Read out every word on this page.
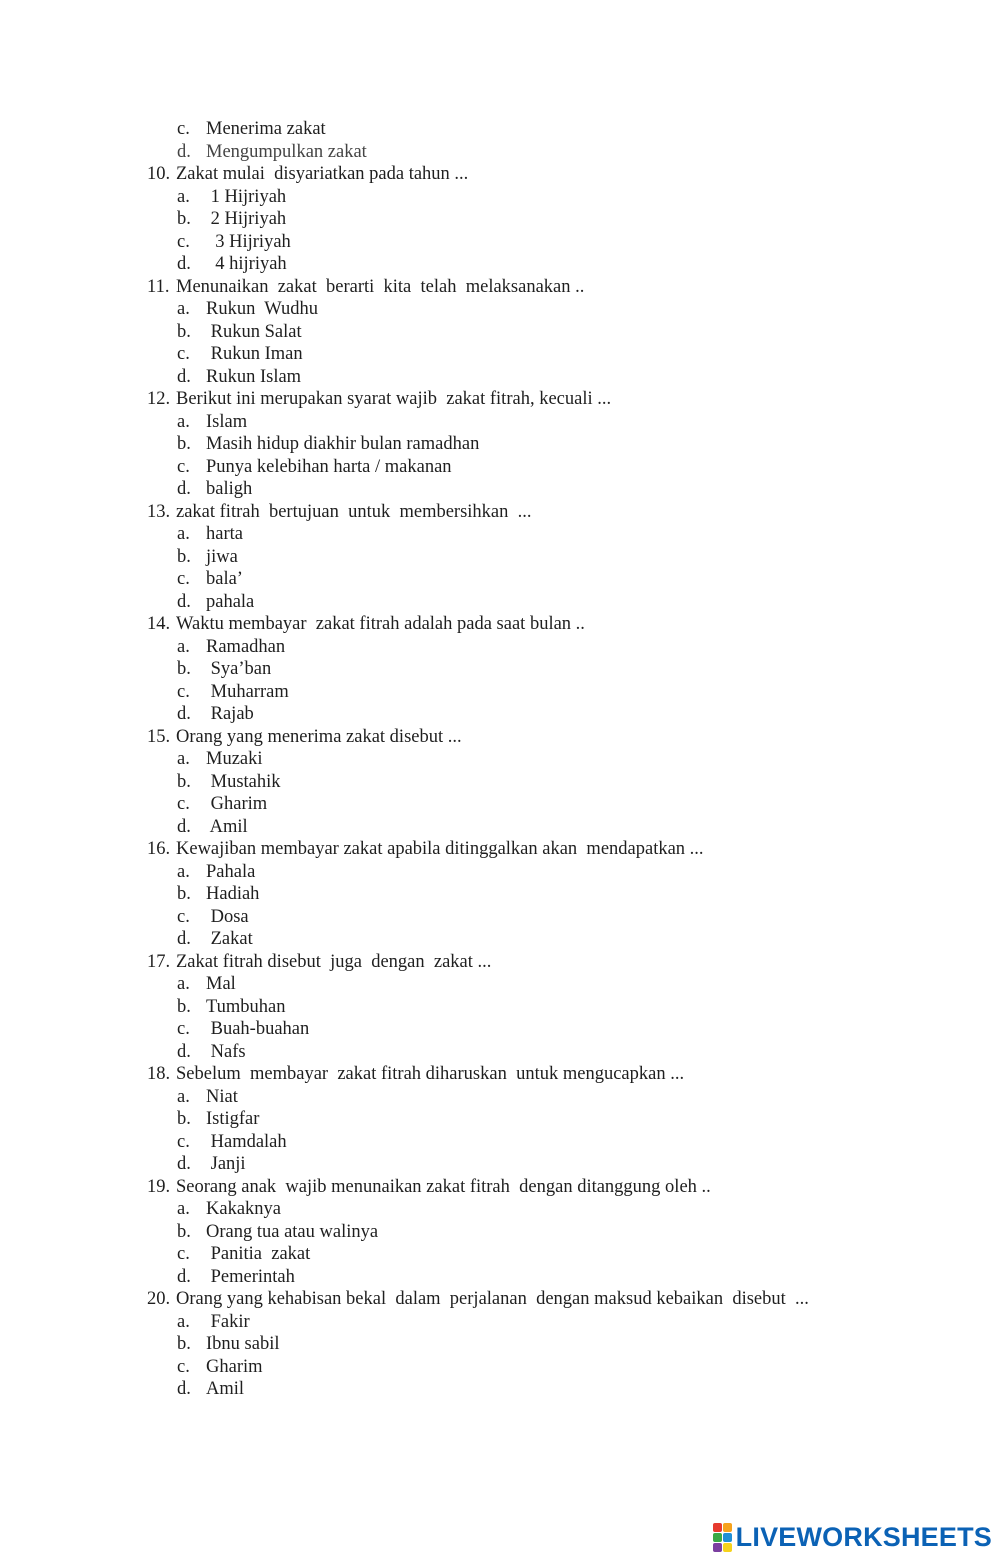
c. Menerima zakat
d. Mengumpulkan zakat
10. Zakat mulai  disyariatkan pada tahun ...
a. 1 Hijriyah
b. 2 Hijriyah
c. 3 Hijriyah
d. 4 hijriyah
11. Menunaikan  zakat  berarti  kita  telah  melaksanakan ..
a. Rukun  Wudhu
b. Rukun Salat
c. Rukun Iman
d. Rukun Islam
12. Berikut ini merupakan syarat wajib  zakat fitrah, kecuali ...
a. Islam
b. Masih hidup diakhir bulan ramadhan
c. Punya kelebihan harta / makanan
d. baligh
13. zakat fitrah  bertujuan  untuk  membersihkan  ...
a. harta
b. jiwa
c. bala’
d. pahala
14. Waktu membayar  zakat fitrah adalah pada saat bulan ..
a. Ramadhan
b. Sya’ban
c. Muharram
d. Rajab
15. Orang yang menerima zakat disebut ...
a. Muzaki
b. Mustahik
c. Gharim
d. Amil
16. Kewajiban membayar zakat apabila ditinggalkan akan  mendapatkan ...
a. Pahala
b. Hadiah
c. Dosa
d. Zakat
17. Zakat fitrah disebut  juga  dengan  zakat ...
a. Mal
b. Tumbuhan
c. Buah-buahan
d. Nafs
18. Sebelum  membayar  zakat fitrah diharuskan  untuk mengucapkan ...
a. Niat
b. Istigfar
c. Hamdalah
d. Janji
19. Seorang anak  wajib menunaikan zakat fitrah  dengan ditanggung oleh ..
a. Kakaknya
b. Orang tua atau walinya
c. Panitia  zakat
d. Pemerintah
20. Orang yang kehabisan bekal  dalam  perjalanan  dengan maksud kebaikan  disebut  ...
a. Fakir
b. Ibnu sabil
c. Gharim
d. Amil
LIVEWORKSHEETS
